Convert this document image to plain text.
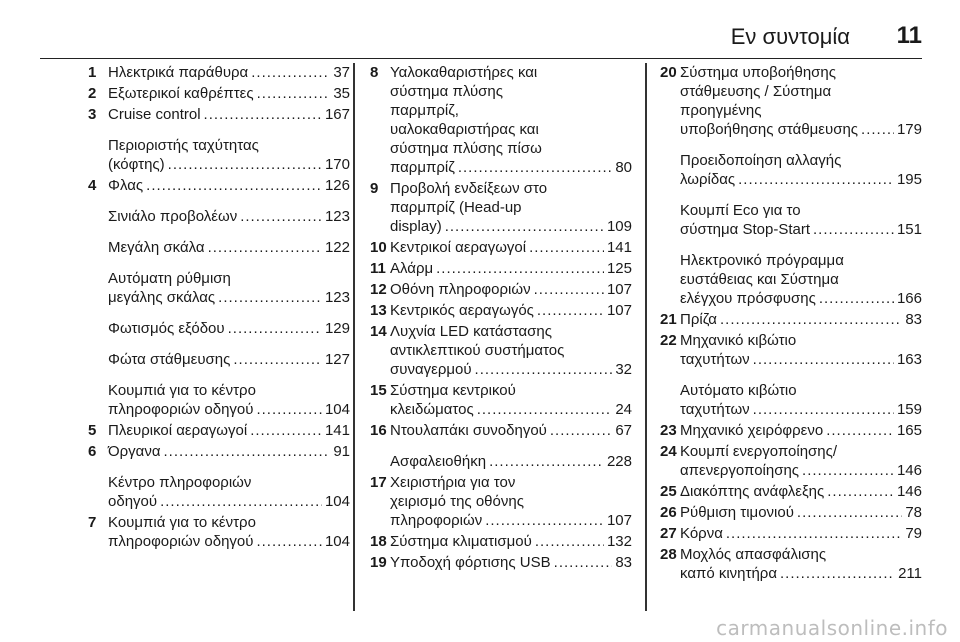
Εν συντομία 11
1 Ηλεκτρικά παράθυρα .....	37
2 Εξωτερικοί καθρέπτες .....	35
3 Cruise control .....	167
Περιοριστής ταχύτητας
(κόφτης) .....	170
4 Φλας .....	126
Σινιάλο προβολέων .....	123
Μεγάλη σκάλα .....	122
Αυτόματη ρύθμιση
μεγάλης σκάλας .....	123
Φωτισμός εξόδου .....	129
Φώτα στάθμευσης .....	127
Κουμπιά για το κέντρο
πληροφοριών οδηγού .....	104
5 Πλευρικοί αεραγωγοί .....	141
6 Όργανα .....	91
Κέντρο πληροφοριών
οδηγού .....	104
7 Κουμπιά για το κέντρο
πληροφοριών οδηγού .....	104
8 Υαλοκαθαριστήρες και
σύστημα πλύσης
παρμπρίζ,
υαλοκαθαριστήρας και
σύστημα πλύσης πίσω
παρμπρίζ .....	80
9 Προβολή ενδείξεων στο
παρμπρίζ (Head-up
display) .....	109
10 Κεντρικοί αεραγωγοί .....	141
11 Αλάρμ .....	125
12 Οθόνη πληροφοριών .....	107
13 Κεντρικός αεραγωγός .....	107
14 Λυχνία LED κατάστασης
αντικλεπτικού συστήματος
συναγερμού .....	32
15 Σύστημα κεντρικού
κλειδώματος .....	24
16 Ντουλαπάκι συνοδηγού .....	67
Ασφαλειοθήκη .....	228
17 Χειριστήρια για τον
χειρισμό της οθόνης
πληροφοριών .....	107
18 Σύστημα κλιματισμού .....	132
19 Υποδοχή φόρτισης USB .....	83
20 Σύστημα υποβοήθησης
στάθμευσης / Σύστημα
προηγμένης
υποβοήθησης στάθμευσης .....	179
Προειδοποίηση αλλαγής
λωρίδας .....	195
Κουμπί Eco για το
σύστημα Stop-Start .....	151
Ηλεκτρονικό πρόγραμμα
ευστάθειας και Σύστημα
ελέγχου πρόσφυσης .....	166
21 Πρίζα .....	83
22 Μηχανικό κιβώτιο
ταχυτήτων .....	163
Αυτόματο κιβώτιο
ταχυτήτων .....	159
23 Μηχανικό χειρόφρενο .....	165
24 Κουμπί ενεργοποίησης/
απενεργοποίησης .....	146
25 Διακόπτης ανάφλεξης .....	146
26 Ρύθμιση τιμονιού .....	78
27 Κόρνα .....	79
28 Μοχλός απασφάλισης
καπό κινητήρα .....	211
carmanualsonline.info
